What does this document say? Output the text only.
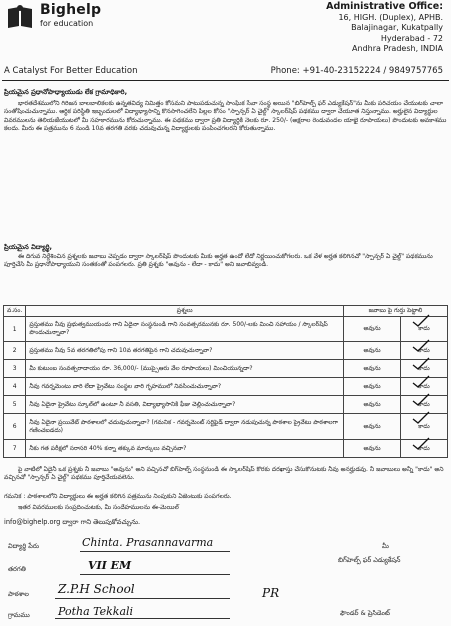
Bighelp
for education
Administrative Office:
16, HIGH. (Duplex), APHB.
Balajinagar, Kukatpally
Hyderabad - 72
Andhra Pradesh, INDIA
A Catalyst For Better Education	Phone: +91-40-23152224 / 9849757765
ప్రియమైన ప్రధానోపాధ్యాయుడు లేక గ్రామాధికారి,
భారతదేశములోని గిరిజన బాలబాలికలకు ఉన్నతవిద్య నిమిత్తం కోసమని పాటుపడుచున్న సాంఘిక సేవా సంస్థ అయిన "బిగ్‌హెల్ప్ ఫర్ ఎడ్యుకేషన్"ను మీకు పరిచయం చేయుటకు చాలా సంతోషించుచున్నాము. ఆర్థిక పరిస్థితి ఇబ్బందులలో విద్యాభ్యాసాన్ని కొనసాగించలేని పిల్లల కోసం "స్పాన్సర్ ఏ చైల్డ్" స్కాలర్‌షిప్ పథకము ద్వారా చేయూత నిస్తున్నాము. అర్హులైన విద్యార్థుల వివరములను తెలియజేయుటలో మీ సహకారమును కోరుచున్నాము. ఈ పథకము ద్వారా ప్రతి విద్యార్థికి నెలకు రూ. 250/- (అక్షరాల రెండువందల యాభై రూపాయలు) పొందుటకు అవకాశము కలదు. మీరు ఈ పత్రమును 6 నుండి 10వ తరగతి వరకు చదువుచున్న విద్యార్థులకు పంపించగలరని కోరుతున్నాము.
ప్రియమైన విద్యార్థి,
ఈ దిగువ నిర్దేశించిన ప్రశ్నలకు జవాబు చెప్పడం ద్వారా స్కాలర్‌షిప్ పొందుటకు మీకు అర్హత ఉందో లేదో నిర్ణయించుకోగలరు. ఒక వేళ అర్హత కలిగినచో "స్పాన్సర్ ఏ చైల్డ్" పథకమును పూర్తిచేసి మీ ప్రధానోపాధ్యాయుని సంతకంతో పంపగలరు. ప్రతి ప్రశ్నకు "అవును - లేదా - కాదు" అని జవాబివ్వండి.
వ.సం.	ప్రశ్నలు	జవాబు పై గుర్తు పెట్టాలి	
1	ప్రస్తుతము నీవు ప్రభుత్వముయందు గాని ఏదైనా సంస్థనుండి గాని సంవత్సరమునకు రూ. 500/-లకు మించి సహాయం / స్కాలర్‌షిప్ పొందుచున్నావా?	అవును	కాదు

2	ప్రస్తుతము నీవు 5వ తరగతిలోపు గాని 10వ తరగతిపైన గాని చదువుచున్నావా?	అవును	కాదు

3	మీ కుటుంబ సంవత్సరాదాయం రూ. 36,000/- (ముప్పైఆరు వేల రూపాయలు) మించియున్నదా?	అవును	కాదు

4	నీవు గవర్నమెంటు వారి లేదా ప్రైవేటు సంస్థల వారి గృహములో నివసించుచున్నావా?	అవును	కాదు

5	నీవు ఏదైనా ప్రైవేటు స్కూల్‌లో ఉంటూ నీ వసతి, విద్యాభ్యాసానికి ఫీజు చెల్లించుచున్నావా?	అవును	కాదు

6	నీవు ఏదైనా ప్రయివేట్ పాఠశాలలో చదువుచున్నావా? (గమనిక - గవర్నమెంట్ సర్టిఫైడ్ ద్వారా నడుపుచున్న పాఠశాల ప్రైవేటు పాఠశాలగా గణించబడదు)	అవును	కాదు

7	నీకు గత పరీక్షలో సరాసరి 40% కన్నా తక్కువ మార్కులు వచ్చినవా?	అవును	కాదు
పై వాటిలో ఏదైనీ ఒక ప్రశ్నకు నీ జవాబు "అవును" అని వచ్చినచో బిగ్‌హెల్ప్ సంస్థనుండి ఈ స్కాలర్‌షిప్ కొరకు దరఖాస్తు చేసుకొనుటకు నీవు అనర్హుడవు. నీ జవాబులు అన్నీ "కాదు" అని వచ్చినచో "స్పాన్సర్ ఏ చైల్డ్" పథకము పూర్తిచేయవలెను.
గమనిక : పాఠశాలలోని విద్యార్థులు ఈ అర్హత కలిగిన పత్రమును నింపుకుని ఏజెంటుకు పంపగలరు.
ఇతర వివరములకు సంప్రదించుటకు, మీ సందేహములను ఈ-మెయిల్
info@bighelp.org ద్వారా గాని తెలుపుకోవచ్చును.
విద్యార్థి పేరు	Chinta. Prasannavarma
తరగతి	VII EM
పాఠశాల Z.P.H School
గ్రామము	Potha Tekkali
మీ
బిగ్‌హెల్ప్ ఫర్ ఎడ్యుకేషన్
PR
ఫౌండర్ & ప్రెసిడెంట్
